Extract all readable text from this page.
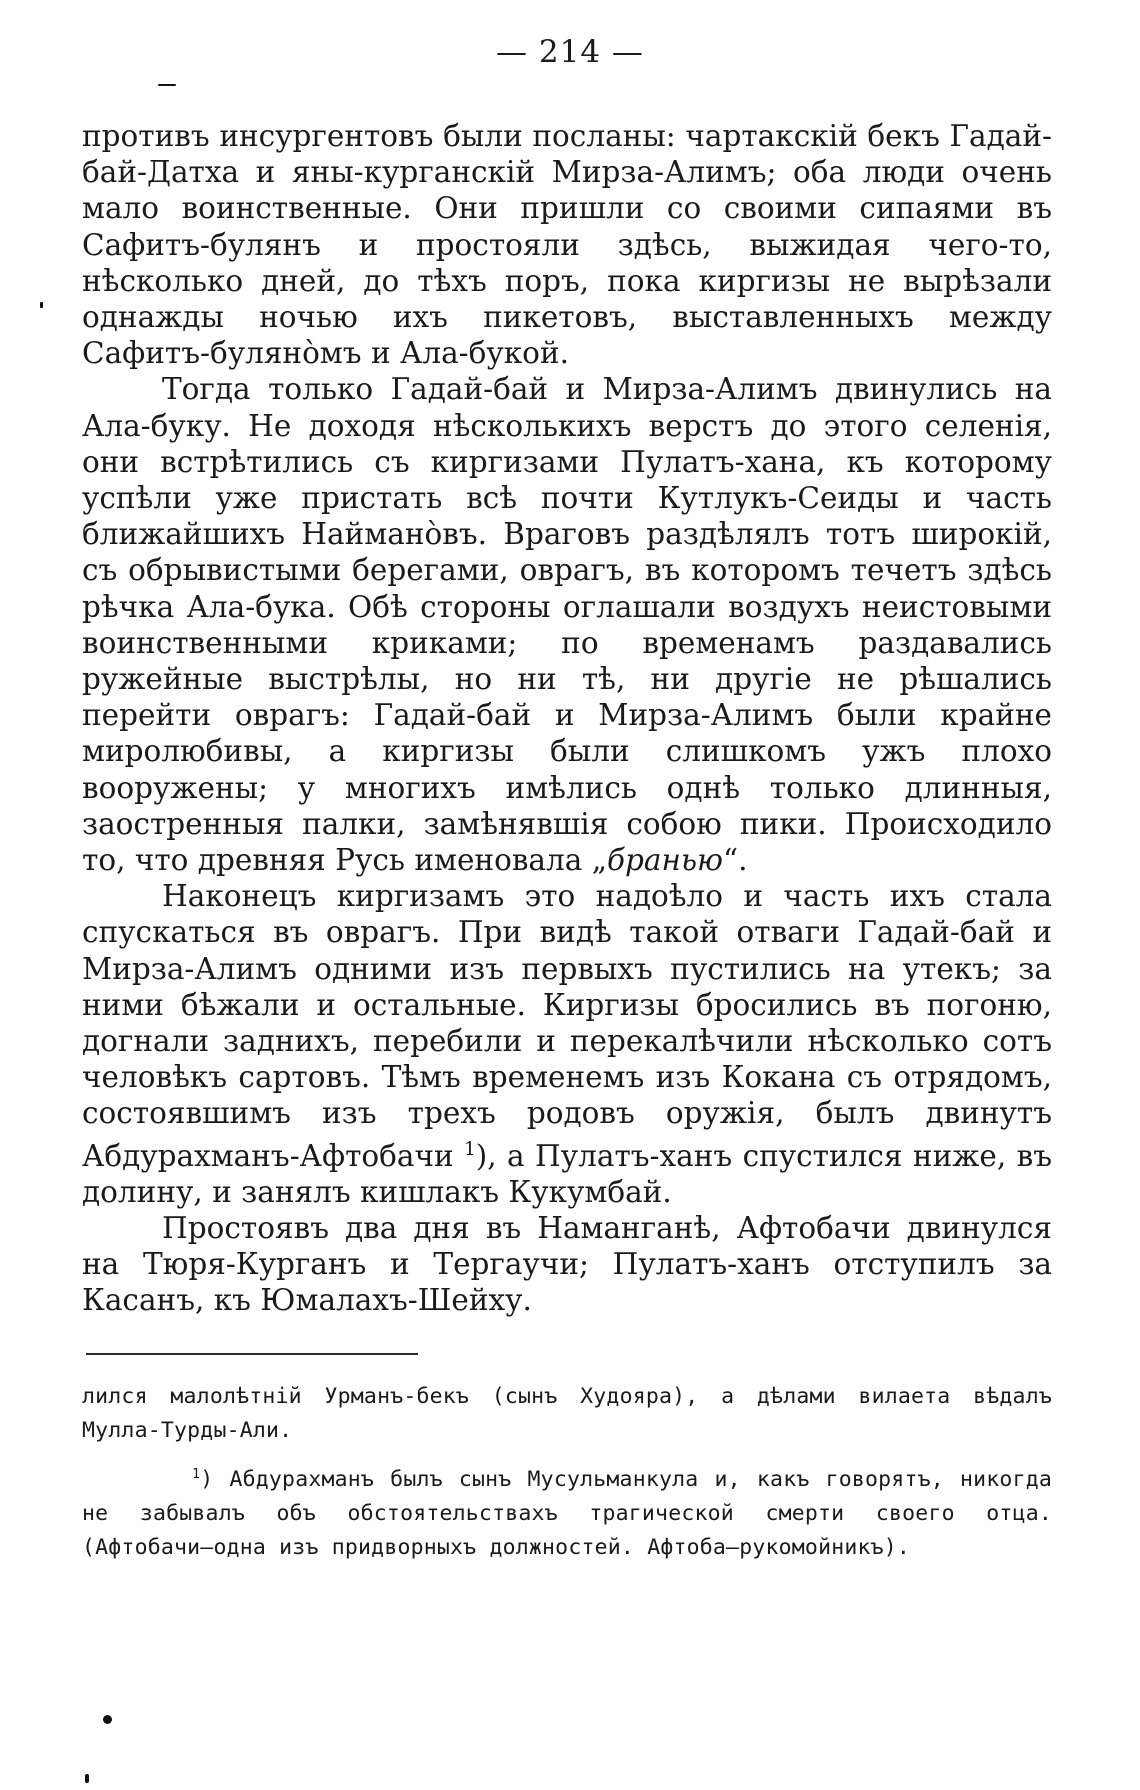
— 214 —

противъ инсургентовъ были посланы: чартакскій бекъ Гадай-бай-Датха и яны-курганскій Мирза-Алимъ; оба люди очень мало воинственные. Они пришли со своими сипаями въ Сафитъ-булянъ и простояли здѣсь, выжидая чего-то, нѣсколько дней, до тѣхъ поръ, пока киргизы не вырѣзали однажды ночью ихъ пикетовъ, выставленныхъ между Сафитъ-булянòмъ и Ала-букой.

Тогда только Гадай-бай и Мирза-Алимъ двинулись на Ала-буку. Не доходя нѣсколькихъ верстъ до этого селенія, они встрѣтились съ киргизами Пулатъ-хана, къ которому успѣли уже пристать всѣ почти Кутлукъ-Сеиды и часть ближайшихъ Найманòвъ. Враговъ раздѣлялъ тотъ широкій, съ обрывистыми берегами, оврагъ, въ которомъ течетъ здѣсь рѣчка Ала-бука. Обѣ стороны оглашали воздухъ неистовыми воинственными криками; по временамъ раздавались ружейные выстрѣлы, но ни тѣ, ни другіе не рѣшались перейти оврагъ: Гадай-бай и Мирза-Алимъ были крайне миролюбивы, а киргизы были слишкомъ ужъ плохо вооружены; у многихъ имѣлись однѣ только длинныя, заостренныя палки, замѣнявшія собою пики. Происходило то, что древняя Русь именовала „бранью“.

Наконецъ киргизамъ это надоѣло и часть ихъ стала спускаться въ оврагъ. При видѣ такой отваги Гадай-бай и Мирза-Алимъ одними изъ первыхъ пустились на утекъ; за ними бѣжали и остальные. Киргизы бросились въ погоню, догнали заднихъ, перебили и перекалѣчили нѣсколько сотъ человѣкъ сартовъ. Тѣмъ временемъ изъ Кокана съ отрядомъ, состоявшимъ изъ трехъ родовъ оружія, былъ двинутъ Абдурахманъ-Афтобачи $^1$), а Пулатъ-ханъ спустился ниже, въ долину, и занялъ кишлакъ Кукумбай.

Простоявъ два дня въ Наманганѣ, Афтобачи двинулся на Тюря-Курганъ и Тергаучи; Пулатъ-ханъ отступилъ за Касанъ, къ Юмалахъ-Шейху.

лился малолѣтній Урманъ-бекъ (сынъ Худояра), а дѣлами вилаета вѣдалъ Мулла-Турды-Али.

$^1$) Абдурахманъ былъ сынъ Мусульманкула и, какъ говорятъ, никогда не забывалъ объ обстоятельствахъ трагической смерти своего отца. (Афтобачи—одна изъ придворныхъ должностей. Афтоба—рукомойникъ).
